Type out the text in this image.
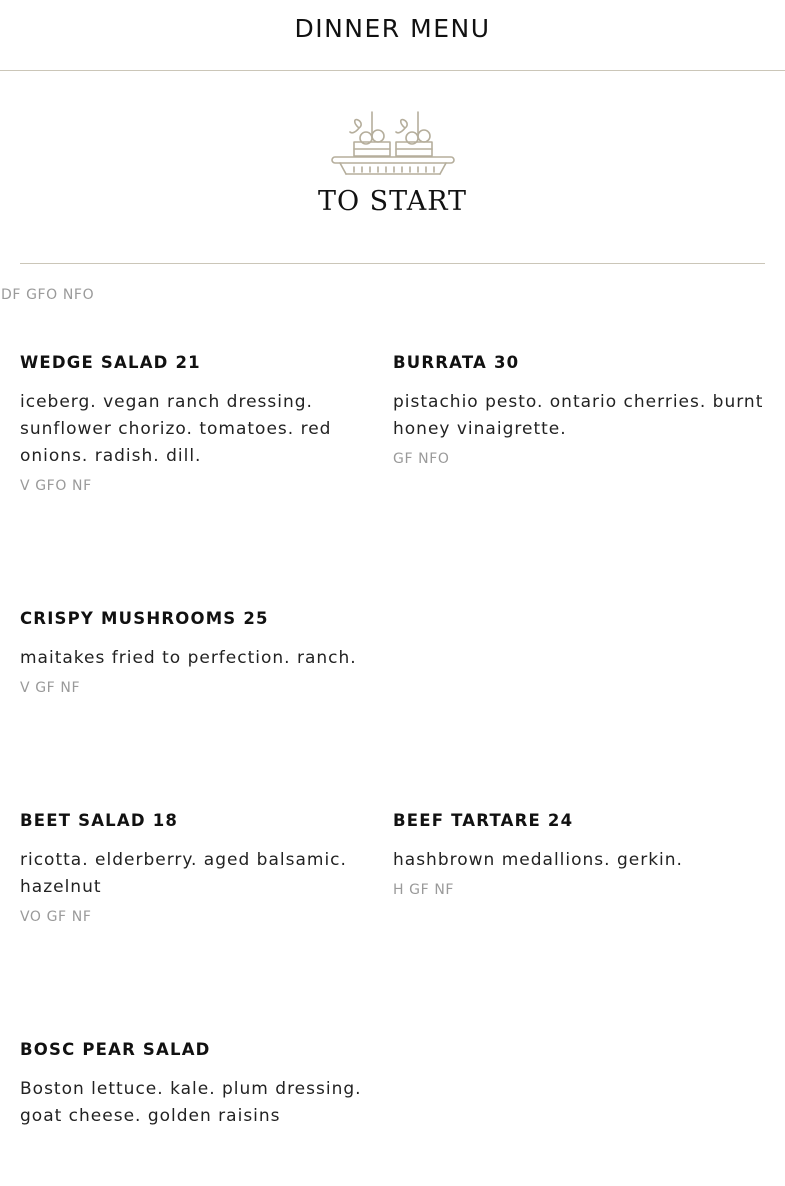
DINNER MENU
TO START
DF GFO NFO
WEDGE SALAD 21
iceberg. vegan ranch dressing. sunflower chorizo. tomatoes. red onions. radish. dill.
V GFO NF
BURRATA 30
pistachio pesto. ontario cherries. burnt honey vinaigrette.
GF NFO
CRISPY MUSHROOMS 25
maitakes fried to perfection. ranch.
V GF NF
BEET SALAD 18
ricotta. elderberry. aged balsamic. hazelnut
VO GF NF
BEEF TARTARE 24
hashbrown medallions. gerkin.
H GF NF
BOSC PEAR SALAD
Boston lettuce. kale. plum dressing. goat cheese. golden raisins
